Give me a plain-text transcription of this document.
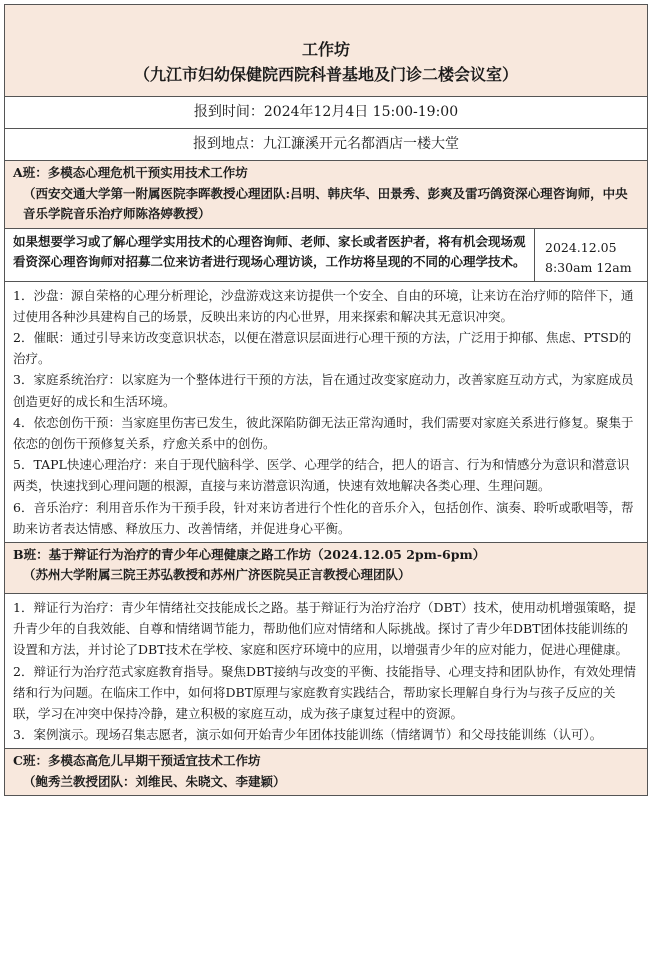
工作坊
（九江市妇幼保健院西院科普基地及门诊二楼会议室）
报到时间：2024年12月4日 15:00-19:00
报到地点：九江濂溪开元名都酒店一楼大堂
A班：多模态心理危机干预实用技术工作坊
（西安交通大学第一附属医院李晖教授心理团队:吕明、韩庆华、田景秀、彭爽及雷巧鸽资深心理咨询师，中央音乐学院音乐治疗师陈洛婷教授）
如果想要学习或了解心理学实用技术的心理咨询师、老师、家长或者医护者，将有机会现场观看资深心理咨询师对招募二位来访者进行现场心理访谈，工作坊将呈现的不同的心理学技术。
2024.12.05
8:30am 12am

1．沙盘：源自荣格的心理分析理论，沙盘游戏这来访提供一个安全、自由的环境，让来访在治疗师的陪伴下，通过使用各种沙具建构自己的场景，反映出来访的内心世界，用来探索和解决其无意识冲突。

2．催眠：通过引导来访改变意识状态，以便在潜意识层面进行心理干预的方法，广泛用于抑郁、焦虑、PTSD的治疗。

3．家庭系统治疗：以家庭为一个整体进行干预的方法，旨在通过改变家庭动力，改善家庭互动方式，为家庭成员创造更好的成长和生活环境。

4．依恋创伤干预：当家庭里伤害已发生，彼此深陷防御无法正常沟通时，我们需要对家庭关系进行修复。聚集于依恋的创伤干预修复关系，疗愈关系中的创伤。

5．TAPL快速心理治疗：来自于现代脑科学、医学、心理学的结合，把人的语言、行为和情感分为意识和潜意识两类，快速找到心理问题的根源，直接与来访潜意识沟通，快速有效地解决各类心理、生理问题。

6．音乐治疗：利用音乐作为干预手段，针对来访者进行个性化的音乐介入，包括创作、演奏、聆听或歌唱等，帮助来访者表达情感、释放压力、改善情绪，并促进身心平衡。

B班：基于辩证行为治疗的青少年心理健康之路工作坊（2024.12.05 2pm-6pm）
（苏州大学附属三院王苏弘教授和苏州广济医院吴正言教授心理团队）

1．辩证行为治疗：青少年情绪社交技能成长之路。基于辩证行为治疗治疗（DBT）技术，使用动机增强策略，提升青少年的自我效能、自尊和情绪调节能力，帮助他们应对情绪和人际挑战。探讨了青少年DBT团体技能训练的设置和方法，并讨论了DBT技术在学校、家庭和医疗环境中的应用，以增强青少年的应对能力，促进心理健康。

2．辩证行为治疗范式家庭教育指导。聚焦DBT接纳与改变的平衡、技能指导、心理支持和团队协作，有效处理情绪和行为问题。在临床工作中，如何将DBT原理与家庭教育实践结合，帮助家长理解自身行为与孩子反应的关联，学习在冲突中保持冷静，建立积极的家庭互动，成为孩子康复过程中的资源。

3．案例演示。现场召集志愿者，演示如何开始青少年团体技能训练（情绪调节）和父母技能训练（认可）。

C班：多模态高危儿早期干预适宜技术工作坊
（鲍秀兰教授团队：刘维民、朱晓文、李建颖）
